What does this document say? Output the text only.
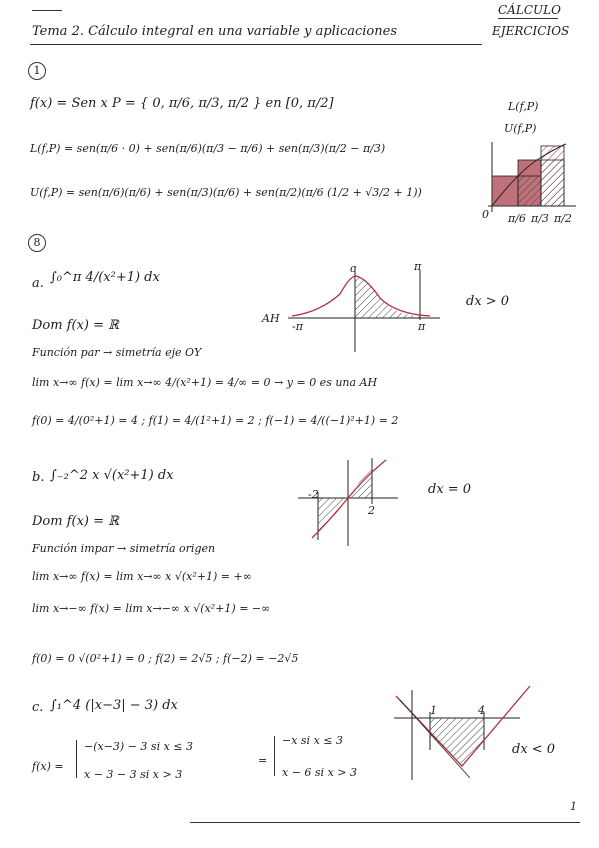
Tema 2. Cálculo integral en una variable y aplicaciones
CÁLCULO
EJERCICIOS
1
f(x) = Sen x P = { 0, π/6, π/3, π/2 } en [0, π/2]
L(f,P) = sen(π/6 · 0) + sen(π/6)(π/3 − π/6) + sen(π/3)(π/2 − π/3)
U(f,P) = sen(π/6)(π/6) + sen(π/3)(π/6) + sen(π/2)(π/6 (1/2 + √3/2 + 1))
L(f,P)
U(f,P)
0 π/6 π/3 π/2
8
a. ∫₀^π 4/(x²+1) dx
Dom f(x) = ℝ
Función par → simetría eje OY
lim x→∞ f(x) = lim x→∞ 4/(x²+1) = 4/∞ = 0 → y = 0 es una AH
f(0) = 4/(0²+1) = 4 ; f(1) = 4/(1²+1) = 2 ; f(−1) = 4/((−1)²+1) = 2
AH
c	π
-π	π
dx > 0
b. ∫₋₂^2 x √(x²+1) dx
Dom f(x) = ℝ
Función impar → simetría origen
lim x→∞ f(x) = lim x→∞ x √(x²+1) = +∞
lim x→−∞ f(x) = lim x→−∞ x √(x²+1) = −∞
f(0) = 0 √(0²+1) = 0 ; f(2) = 2√5 ; f(−2) = −2√5
-2
2
dx = 0
c. ∫₁^4 (|x−3| − 3) dx
f(x) =
−(x−3) − 3 si x ≤ 3
x − 3 − 3 si x > 3
=
−x si x ≤ 3
x − 6 si x > 3
1	4
dx < 0
1
